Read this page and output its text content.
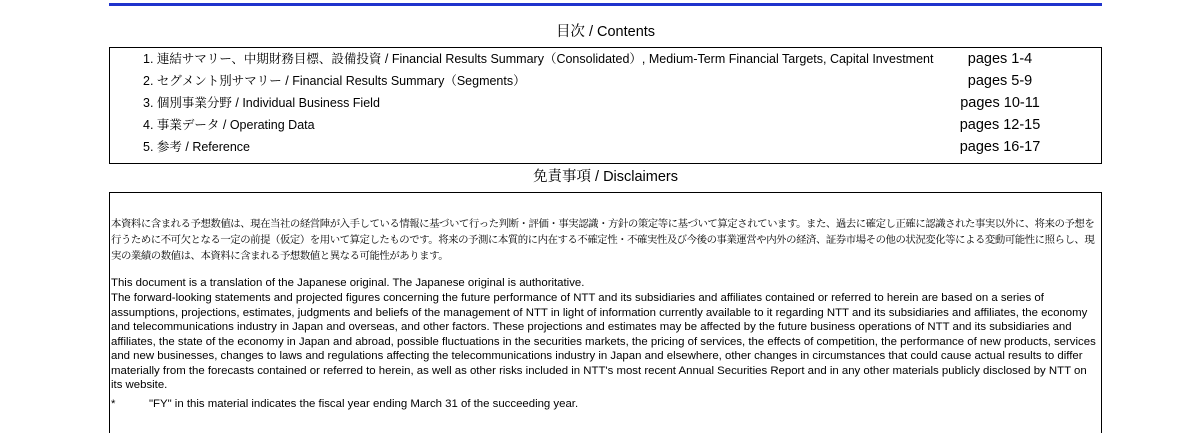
目次 / Contents
1. 連結サマリー、中期財務目標、設備投資 / Financial Results Summary（Consolidated）, Medium-Term Financial Targets, Capital Investment	pages 1-4
2. セグメント別サマリー / Financial Results Summary（Segments）	pages 5-9
3. 個別事業分野 / Individual Business Field	pages 10-11
4. 事業データ / Operating Data	pages 12-15
5. 参考 / Reference	pages 16-17
免責事項 / Disclaimers

本資料に含まれる予想数値は、現在当社の経営陣が入手している情報に基づいて行った判断・評価・事実認識・方針の策定等に基づいて算定されています。また、過去に確定し正確に認識された事実以外に、将来の予想を行うために不可欠となる一定の前提（仮定）を用いて算定したものです。将来の予測に本質的に内在する不確定性・不確実性及び今後の事業運営や内外の経済、証券市場その他の状況変化等による変動可能性に照らし、現実の業績の数値は、本資料に含まれる予想数値と異なる可能性があります。

This document is a translation of the Japanese original. The Japanese original is authoritative.

The forward-looking statements and projected figures concerning the future performance of NTT and its subsidiaries and affiliates contained or referred to herein are based on a series of assumptions, projections, estimates, judgments and beliefs of the management of NTT in light of information currently available to it regarding NTT and its subsidiaries and affiliates, the economy and telecommunications industry in Japan and overseas, and other factors. These projections and estimates may be affected by the future business operations of NTT and its subsidiaries and affiliates, the state of the economy in Japan and abroad, possible fluctuations in the securities markets, the pricing of services, the effects of competition, the performance of new products, services and new businesses, changes to laws and regulations affecting the telecommunications industry in Japan and elsewhere, other changes in circumstances that could cause actual results to differ materially from the forecasts contained or referred to herein, as well as other risks included in NTT's most recent Annual Securities Report and in any other materials publicly disclosed by NTT on its website.

*	"FY" in this material indicates the fiscal year ending March 31 of the succeeding year.
